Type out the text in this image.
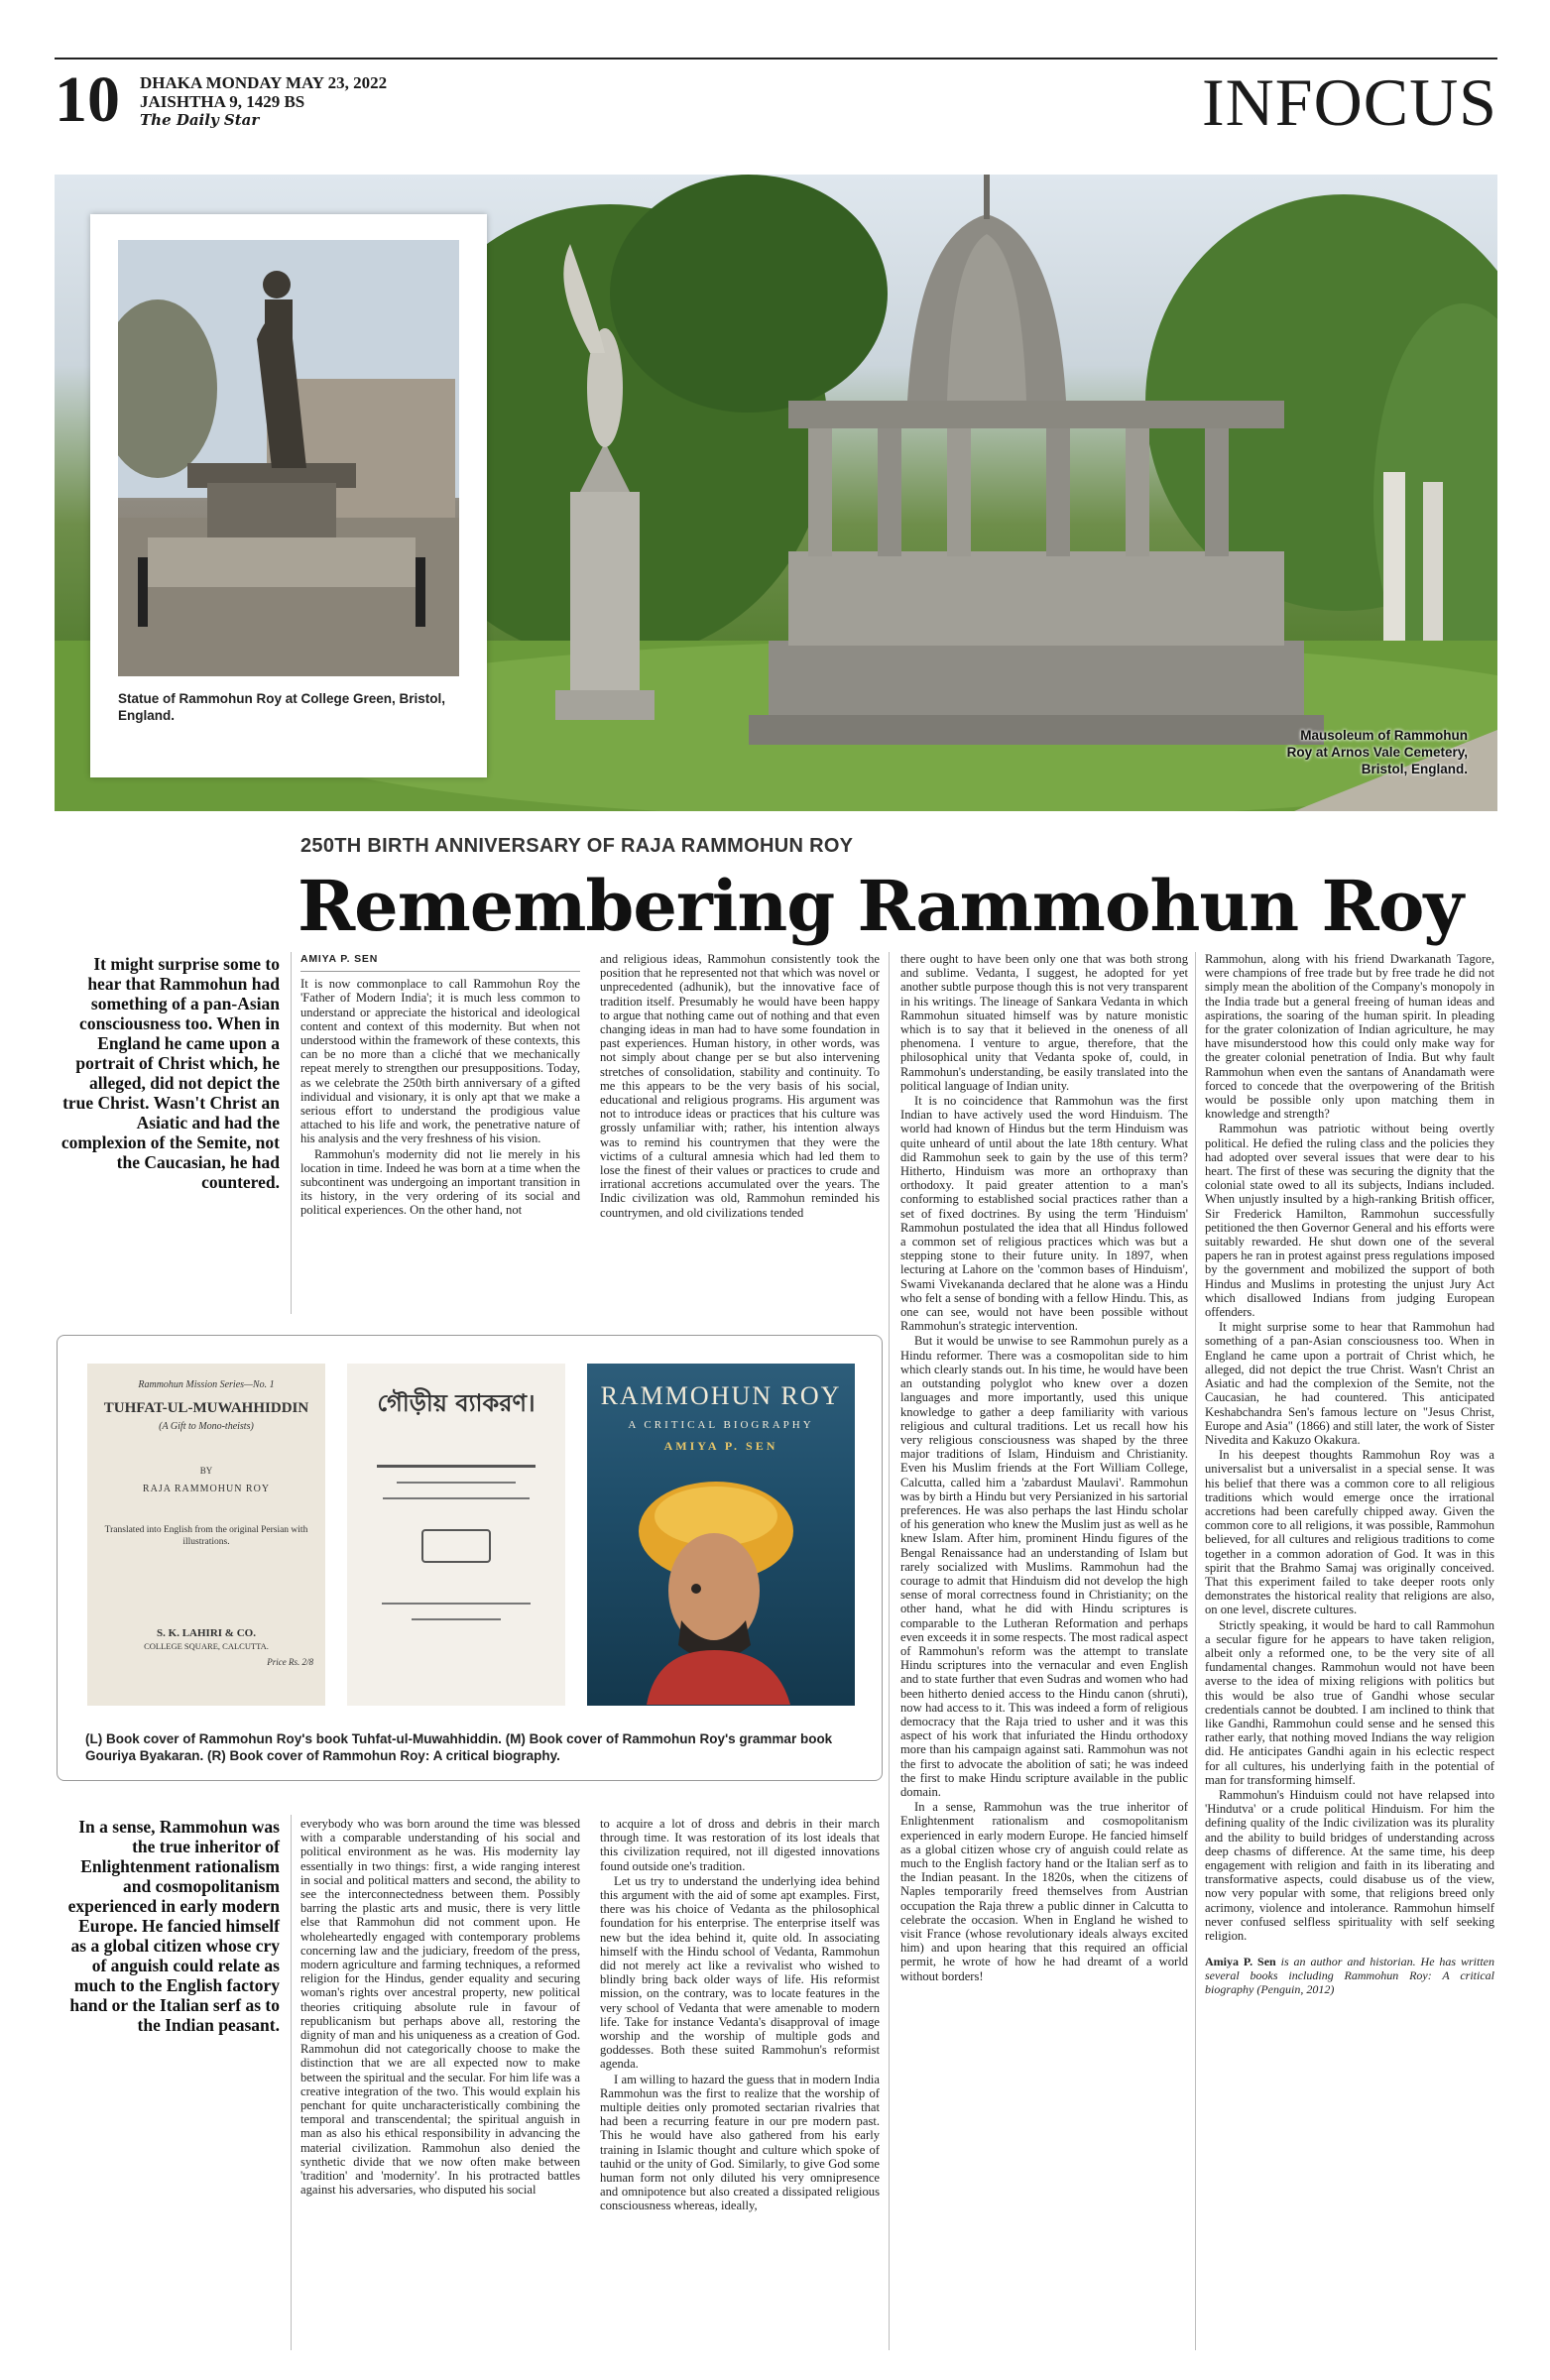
10 DHAKA MONDAY MAY 23, 2022
JAISHTHA 9, 1429 BS
The Daily Star	INFOCUS
Statue of Rammohun Roy at College Green, Bristol, England.
Mausoleum of Rammohun Roy at Arnos Vale Cemetery, Bristol, England.
250TH BIRTH ANNIVERSARY OF RAJA RAMMOHUN ROY
Remembering Rammohun Roy
It might surprise some to hear that Rammohun had something of a pan-Asian consciousness too. When in England he came upon a portrait of Christ which, he alleged, did not depict the true Christ. Wasn't Christ an Asiatic and had the complexion of the Semite, not the Caucasian, he had countered.
In a sense, Rammohun was the true inheritor of Enlightenment rationalism and cosmopolitanism experienced in early modern Europe. He fancied himself as a global citizen whose cry of anguish could relate as much to the English factory hand or the Italian serf as to the Indian peasant.
AMIYA P. SEN

It is now commonplace to call Rammohun Roy the 'Father of Modern India'; it is much less common to understand or appreciate the historical and ideological content and context of this modernity. But when not understood within the framework of these contexts, this can be no more than a cliché that we mechanically repeat merely to strengthen our presuppositions. Today, as we celebrate the 250th birth anniversary of a gifted individual and visionary, it is only apt that we make a serious effort to understand the prodigious value attached to his life and work, the penetrative nature of his analysis and the very freshness of his vision.

Rammohun's modernity did not lie merely in his location in time. Indeed he was born at a time when the subcontinent was undergoing an important transition in its history, in the very ordering of its social and political experiences. On the other hand, not

and religious ideas, Rammohun consistently took the position that he represented not that which was novel or unprecedented (adhunik), but the innovative face of tradition itself. Presumably he would have been happy to argue that nothing came out of nothing and that even changing ideas in man had to have some foundation in past experiences. Human history, in other words, was not simply about change per se but also intervening stretches of consolidation, stability and continuity. To me this appears to be the very basis of his social, educational and religious programs. His argument was not to introduce ideas or practices that his culture was grossly unfamiliar with; rather, his intention always was to remind his countrymen that they were the victims of a cultural amnesia which had led them to lose the finest of their values or practices to crude and irrational accretions accumulated over the years. The Indic civilization was old, Rammohun reminded his countrymen, and old civilizations tended

there ought to have been only one that was both strong and sublime. Vedanta, I suggest, he adopted for yet another subtle purpose though this is not very transparent in his writings. The lineage of Sankara Vedanta in which Rammohun situated himself was by nature monistic which is to say that it believed in the oneness of all phenomena. I venture to argue, therefore, that the philosophical unity that Vedanta spoke of, could, in Rammohun's understanding, be easily translated into the political language of Indian unity.

It is no coincidence that Rammohun was the first Indian to have actively used the word Hinduism. The world had known of Hindus but the term Hinduism was quite unheard of until about the late 18th century. What did Rammohun seek to gain by the use of this term? Hitherto, Hinduism was more an orthopraxy than orthodoxy. It paid greater attention to a man's conforming to established social practices rather than a set of fixed doctrines. By using the term 'Hinduism' Rammohun postulated the idea that all Hindus followed a common set of religious practices which was but a stepping stone to their future unity. In 1897, when lecturing at Lahore on the 'common bases of Hinduism', Swami Vivekananda declared that he alone was a Hindu who felt a sense of bonding with a fellow Hindu. This, as one can see, would not have been possible without Rammohun's strategic intervention.

But it would be unwise to see Rammohun purely as a Hindu reformer. There was a cosmopolitan side to him which clearly stands out. In his time, he would have been an outstanding polyglot who knew over a dozen languages and more importantly, used this unique knowledge to gather a deep familiarity with various religious and cultural traditions. Let us recall how his very religious consciousness was shaped by the three major traditions of Islam, Hinduism and Christianity. Even his Muslim friends at the Fort William College, Calcutta, called him a 'zabardust Maulavi'. Rammohun was by birth a Hindu but very Persianized in his sartorial preferences. He was also perhaps the last Hindu scholar of his generation who knew the Muslim just as well as he knew Islam. After him, prominent Hindu figures of the Bengal Renaissance had an understanding of Islam but rarely socialized with Muslims. Rammohun had the courage to admit that Hinduism did not develop the high sense of moral correctness found in Christianity; on the other hand, what he did with Hindu scriptures is comparable to the Lutheran Reformation and perhaps even exceeds it in some respects. The most radical aspect of Rammohun's reform was the attempt to translate Hindu scriptures into the vernacular and even English and to state further that even Sudras and women who had been hitherto denied access to the Hindu canon (shruti), now had access to it. This was indeed a form of religious democracy that the Raja tried to usher and it was this aspect of his work that infuriated the Hindu orthodoxy more than his campaign against sati. Rammohun was not the first to advocate the abolition of sati; he was indeed the first to make Hindu scripture available in the public domain.

In a sense, Rammohun was the true inheritor of Enlightenment rationalism and cosmopolitanism experienced in early modern Europe. He fancied himself as a global citizen whose cry of anguish could relate as much to the English factory hand or the Italian serf as to the Indian peasant. In the 1820s, when the citizens of Naples temporarily freed themselves from Austrian occupation the Raja threw a public dinner in Calcutta to celebrate the occasion. When in England he wished to visit France (whose revolutionary ideals always excited him) and upon hearing that this required an official permit, he wrote of how he had dreamt of a world without borders!

Rammohun, along with his friend Dwarkanath Tagore, were champions of free trade but by free trade he did not simply mean the abolition of the Company's monopoly in the India trade but a general freeing of human ideas and aspirations, the soaring of the human spirit. In pleading for the grater colonization of Indian agriculture, he may have misunderstood how this could only make way for the greater colonial penetration of India. But why fault Rammohun when even the santans of Anandamath were forced to concede that the overpowering of the British would be possible only upon matching them in knowledge and strength?

Rammohun was patriotic without being overtly political. He defied the ruling class and the policies they had adopted over several issues that were dear to his heart. The first of these was securing the dignity that the colonial state owed to all its subjects, Indians included. When unjustly insulted by a high-ranking British officer, Sir Frederick Hamilton, Rammohun successfully petitioned the then Governor General and his efforts were suitably rewarded. He shut down one of the several papers he ran in protest against press regulations imposed by the government and mobilized the support of both Hindus and Muslims in protesting the unjust Jury Act which disallowed Indians from judging European offenders.

It might surprise some to hear that Rammohun had something of a pan-Asian consciousness too. When in England he came upon a portrait of Christ which, he alleged, did not depict the true Christ. Wasn't Christ an Asiatic and had the complexion of the Semite, not the Caucasian, he had countered. This anticipated Keshabchandra Sen's famous lecture on "Jesus Christ, Europe and Asia" (1866) and still later, the work of Sister Nivedita and Kakuzo Okakura.

In his deepest thoughts Rammohun Roy was a universalist but a universalist in a special sense. It was his belief that there was a common core to all religious traditions which would emerge once the irrational accretions had been carefully chipped away. Given the common core to all religions, it was possible, Rammohun believed, for all cultures and religious traditions to come together in a common adoration of God. It was in this spirit that the Brahmo Samaj was originally conceived. That this experiment failed to take deeper roots only demonstrates the historical reality that religions are also, on one level, discrete cultures.

Strictly speaking, it would be hard to call Rammohun a secular figure for he appears to have taken religion, albeit only a reformed one, to be the very site of all fundamental changes. Rammohun would not have been averse to the idea of mixing religions with politics but this would be also true of Gandhi whose secular credentials cannot be doubted. I am inclined to think that like Gandhi, Rammohun could sense and he sensed this rather early, that nothing moved Indians the way religion did. He anticipates Gandhi again in his eclectic respect for all cultures, his underlying faith in the potential of man for transforming himself.

Rammohun's Hinduism could not have relapsed into 'Hindutva' or a crude political Hinduism. For him the defining quality of the Indic civilization was its plurality and the ability to build bridges of understanding across deep chasms of difference. At the same time, his deep engagement with religion and faith in its liberating and transformative aspects, could disabuse us of the view, now very popular with some, that religions breed only acrimony, violence and intolerance. Rammohun himself never confused selfless spirituality with self seeking religion.

Amiya P. Sen is an author and historian. He has written several books including Rammohun Roy: A critical biography (Penguin, 2012)
Rammohun Mission Series—No. 1
TUHFAT-UL-MUWAHHIDDIN
(A Gift to Mono-theists)
BY
RAJA RAMMOHUN ROY
Translated into English from the original Persian with illustrations.
S. K. LAHIRI & CO.
COLLEGE SQUARE, CALCUTTA.
Price Rs. 2/8
গৌড়ীয় ব্যাকরণ।	RAMMOHUN ROY
A CRITICAL BIOGRAPHY
AMIYA P. SEN
(L) Book cover of Rammohun Roy's book Tuhfat-ul-Muwahhiddin. (M) Book cover of Rammohun Roy's grammar book Gouriya Byakaran. (R) Book cover of Rammohun Roy: A critical biography.

everybody who was born around the time was blessed with a comparable understanding of his social and political environment as he was. His modernity lay essentially in two things: first, a wide ranging interest in social and political matters and second, the ability to see the interconnectedness between them. Possibly barring the plastic arts and music, there is very little else that Rammohun did not comment upon. He wholeheartedly engaged with contemporary problems concerning law and the judiciary, freedom of the press, modern agriculture and farming techniques, a reformed religion for the Hindus, gender equality and securing woman's rights over ancestral property, new political theories critiquing absolute rule in favour of republicanism but perhaps above all, restoring the dignity of man and his uniqueness as a creation of God. Rammohun did not categorically choose to make the distinction that we are all expected now to make between the spiritual and the secular. For him life was a creative integration of the two. This would explain his penchant for quite uncharacteristically combining the temporal and transcendental; the spiritual anguish in man as also his ethical responsibility in advancing the material civilization. Rammohun also denied the synthetic divide that we now often make between 'tradition' and 'modernity'. In his protracted battles against his adversaries, who disputed his social

to acquire a lot of dross and debris in their march through time. It was restoration of its lost ideals that this civilization required, not ill digested innovations found outside one's tradition.

Let us try to understand the underlying idea behind this argument with the aid of some apt examples. First, there was his choice of Vedanta as the philosophical foundation for his enterprise. The enterprise itself was new but the idea behind it, quite old. In associating himself with the Hindu school of Vedanta, Rammohun did not merely act like a revivalist who wished to blindly bring back older ways of life. His reformist mission, on the contrary, was to locate features in the very school of Vedanta that were amenable to modern life. Take for instance Vedanta's disapproval of image worship and the worship of multiple gods and goddesses. Both these suited Rammohun's reformist agenda.

I am willing to hazard the guess that in modern India Rammohun was the first to realize that the worship of multiple deities only promoted sectarian rivalries that had been a recurring feature in our pre modern past. This he would have also gathered from his early training in Islamic thought and culture which spoke of tauhid or the unity of God. Similarly, to give God some human form not only diluted his very omnipresence and omnipotence but also created a dissipated religious consciousness whereas, ideally,
